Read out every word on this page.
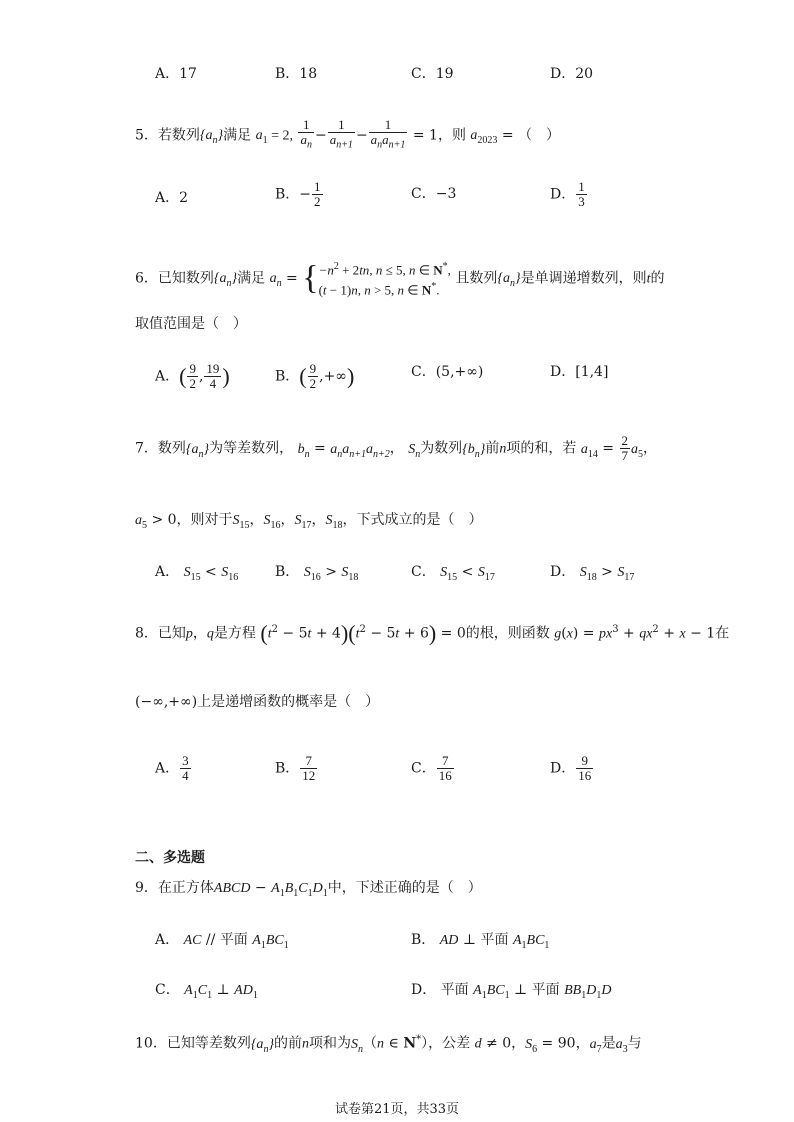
A．17	B．18	C．19	D．20
5．若数列$\{a_n\}$满足 $a_1 = 2$, $\frac{1}{a_n} - \frac{1}{a_{n+1}} - \frac{1}{a_na_{n+1}} = 1$，则 $a_{2023}$ = （　）
A．2	B．− $\frac{1}{2}$	C．−3	D． $\frac{1}{3}$
6．已知数列$\{a_n\}$满足 $a_n = \{-n^2 + 2tn$, n ≤ 5, n ∈ N*,
(t − 1)n, n > 5, n ∈ N*. 且数列$\{a_n\}$是单调递增数列，则t的
取值范围是（　）
A．( $\frac{9}{2}$ , $\frac{19}{4}$ )	B．( $\frac{9}{2}$ ,+∞)	C．(5,+∞)	D．[1,4]
7．数列$\{a_n\}$为等差数列， $b_n = a_na_{n+1}a_{n+2}$， $S_n$为数列$\{b_n\}$前n项的和，若 $a_{14} = \frac{2}{7} a_5$，
$a_5 > 0$，则对于$S_{15}$，$S_{16}$，$S_{17}$，$S_{18}$，下式成立的是（　）
A． $S_{15} < S_{16}$	B． $S_{16} > S_{18}$	C． $S_{15} < S_{17}$	D． $S_{18} > S_{17}$
8．已知p，q是方程 $(t^2 - 5t + 4)(t^2 - 5t + 6) = 0$的根，则函数 $g(x) = px^3 + qx^2 + x - 1$在
(−∞,+∞)上是递增函数的概率是（　）
A． $\frac{3}{4}$	B． $\frac{7}{12}$	C． $\frac{7}{16}$	D． $\frac{9}{16}$
二、多选题
9．在正方体ABCD − $A_1B_1C_1D_1$中，下述正确的是（　）
A． AC // 平面 $A_1BC_1$	B． AD ⊥ 平面 $A_1BC_1$
C． $A_1C_1$ ⊥ $AD_1$	D． 平面 $A_1BC_1$ ⊥ 平面 $BB_1D_1D$
10．已知等差数列$\{a_n\}$的前n项和为$S_n(n$ ∈ N*），公差 d ≠ 0，$S_6 = 90$，$a_7$是$a_3$与
试卷第21页，共33页
